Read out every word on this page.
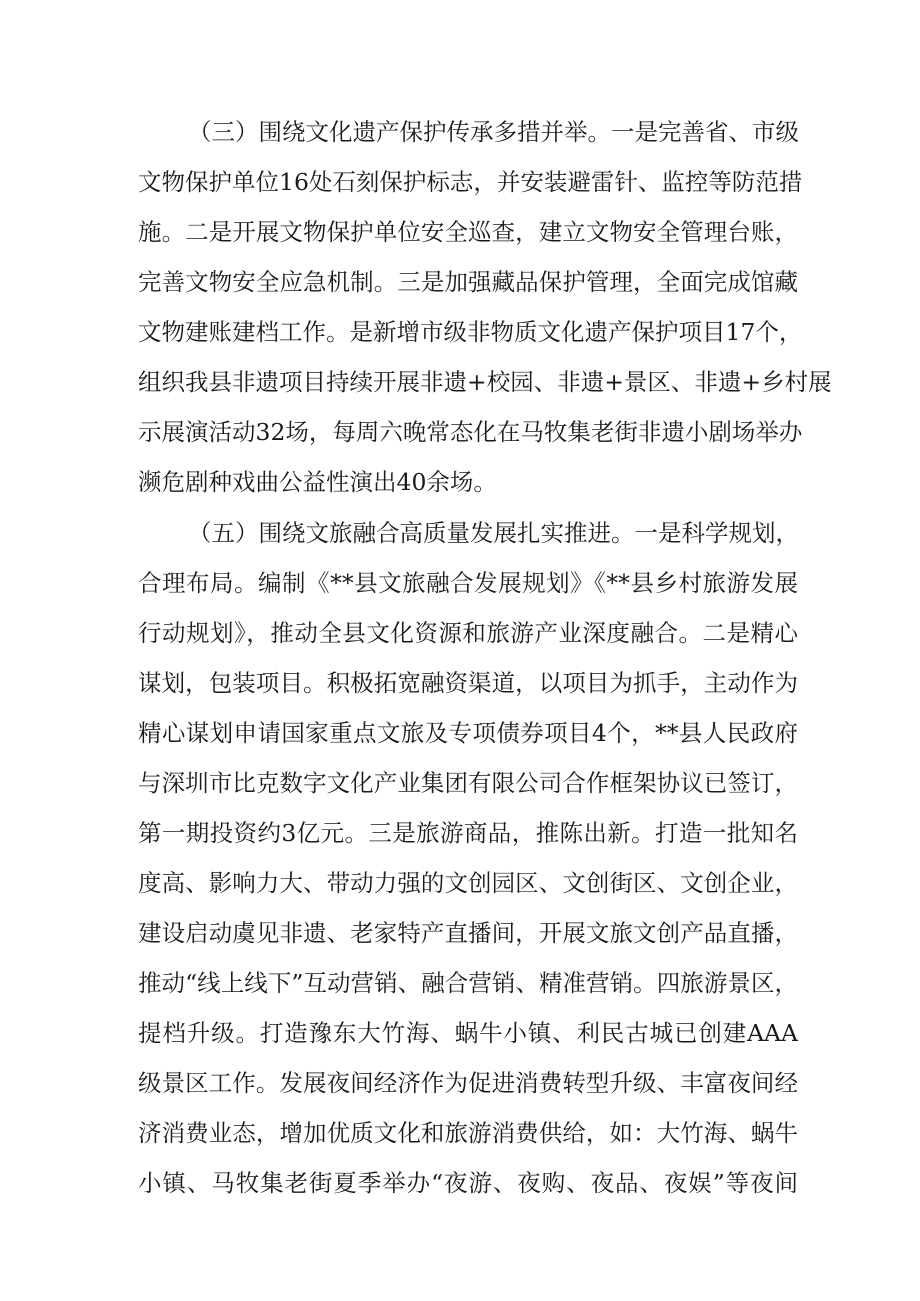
（三）围绕文化遗产保护传承多措并举。一是完善省、市级
文物保护单位16处石刻保护标志，并安装避雷针、监控等防范措
施。二是开展文物保护单位安全巡查，建立文物安全管理台账，
完善文物安全应急机制。三是加强藏品保护管理，全面完成馆藏
文物建账建档工作。是新增市级非物质文化遗产保护项目17个，
组织我县非遗项目持续开展非遗+校园、非遗+景区、非遗+乡村展
示展演活动32场，每周六晚常态化在马牧集老街非遗小剧场举办
濒危剧种戏曲公益性演出40余场。
（五）围绕文旅融合高质量发展扎实推进。一是科学规划，
合理布局。编制《**县文旅融合发展规划》《**县乡村旅游发展
行动规划》，推动全县文化资源和旅游产业深度融合。二是精心
谋划，包装项目。积极拓宽融资渠道，以项目为抓手，主动作为
精心谋划申请国家重点文旅及专项债券项目4个，**县人民政府
与深圳市比克数字文化产业集团有限公司合作框架协议已签订，
第一期投资约3亿元。三是旅游商品，推陈出新。打造一批知名
度高、影响力大、带动力强的文创园区、文创街区、文创企业，
建设启动虞见非遗、老家特产直播间，开展文旅文创产品直播，
推动“线上线下”互动营销、融合营销、精准营销。四旅游景区，
提档升级。打造豫东大竹海、蜗牛小镇、利民古城已创建AAA
级景区工作。发展夜间经济作为促进消费转型升级、丰富夜间经
济消费业态，增加优质文化和旅游消费供给，如：大竹海、蜗牛
小镇、马牧集老街夏季举办“夜游、夜购、夜品、夜娱”等夜间
